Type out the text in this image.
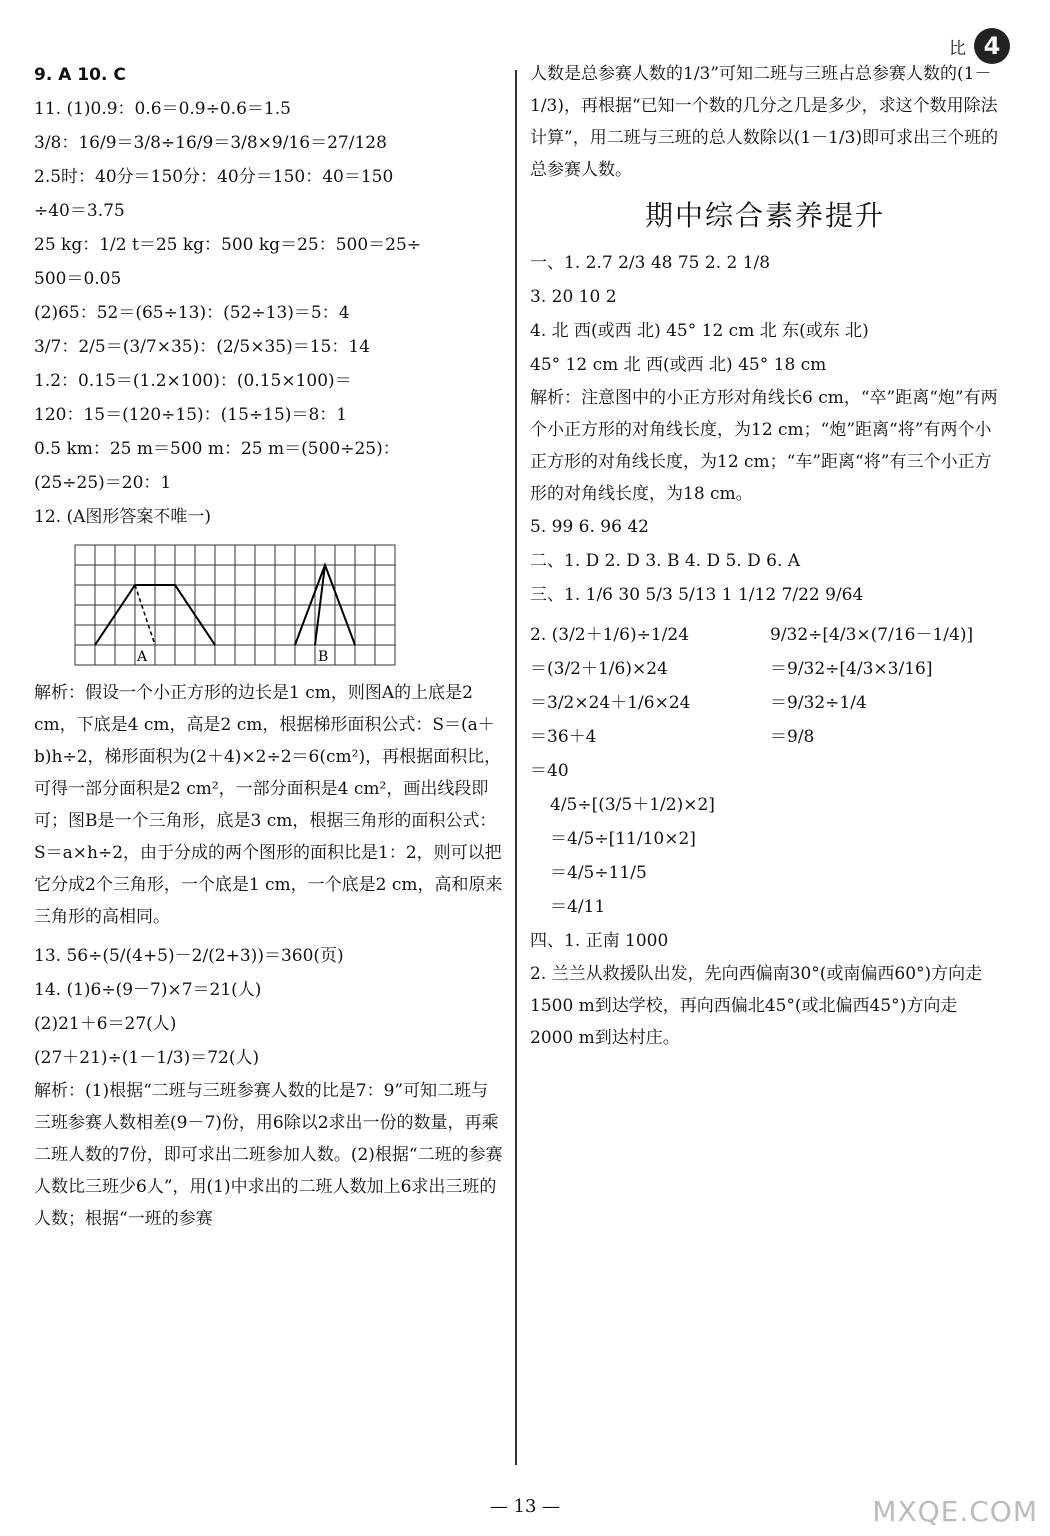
比 4
9. A 10. C
11. (1)0.9：0.6＝0.9÷0.6＝1.5
3/8：16/9＝3/8÷16/9＝3/8×9/16＝27/128
2.5时：40分＝150分：40分＝150：40＝150
÷40＝3.75
25 kg：1/2 t＝25 kg：500 kg＝25：500＝25÷
500＝0.05
(2)65：52＝(65÷13)：(52÷13)＝5：4
3/7：2/5＝(3/7×35)：(2/5×35)＝15：14
1.2：0.15＝(1.2×100)：(0.15×100)＝
120：15＝(120÷15)：(15÷15)＝8：1
0.5 km：25 m＝500 m：25 m＝(500÷25)：
(25÷25)＝20：1
12. (A图形答案不唯一)
A	B
解析：假设一个小正方形的边长是1 cm，则图A的上底是2 cm，下底是4 cm，高是2 cm，根据梯形面积公式：S＝(a＋b)h÷2，梯形面积为(2＋4)×2÷2＝6(cm²)，再根据面积比，可得一部分面积是2 cm²，一部分面积是4 cm²，画出线段即可；图B是一个三角形，底是3 cm，根据三角形的面积公式：S＝a×h÷2，由于分成的两个图形的面积比是1：2，则可以把它分成2个三角形，一个底是1 cm，一个底是2 cm，高和原来三角形的高相同。
13. 56÷(5/(4+5)－2/(2+3))＝360(页)
14. (1)6÷(9－7)×7＝21(人)
(2)21＋6＝27(人)
(27＋21)÷(1－1/3)＝72(人)
解析：(1)根据“二班与三班参赛人数的比是7：9”可知二班与三班参赛人数相差(9－7)份，用6除以2求出一份的数量，再乘二班人数的7份，即可求出二班参加人数。(2)根据“二班的参赛人数比三班少6人”，用(1)中求出的二班人数加上6求出三班的人数；根据“一班的参赛
人数是总参赛人数的1/3”可知二班与三班占总参赛人数的(1－1/3)，再根据“已知一个数的几分之几是多少，求这个数用除法计算”，用二班与三班的总人数除以(1－1/3)即可求出三个班的总参赛人数。
期中综合素养提升
一、1. 2.7 2/3 48 75 2. 2 1/8
3. 20 10 2
4. 北 西(或西 北) 45° 12 cm 北 东(或东 北)
45° 12 cm 北 西(或西 北) 45° 18 cm
解析：注意图中的小正方形对角线长6 cm，“卒”距离“炮”有两个小正方形的对角线长度，为12 cm；“炮”距离“将”有两个小正方形的对角线长度，为12 cm；“车”距离“将”有三个小正方形的对角线长度，为18 cm。
5. 99 6. 96 42
二、1. D 2. D 3. B 4. D 5. D 6. A
三、1. 1/6 30 5/3 5/13 1 1/12 7/22 9/64
2. (3/2＋1/6)÷1/24
＝(3/2＋1/6)×24
＝3/2×24＋1/6×24
＝36＋4
＝40
9/32÷[4/3×(7/16－1/4)]
＝9/32÷[4/3×3/16]
＝9/32÷1/4
＝9/8
4/5÷[(3/5＋1/2)×2]
＝4/5÷[11/10×2]
＝4/5÷11/5
＝4/11
四、1. 正南 1000
2. 兰兰从救援队出发，先向西偏南30°(或南偏西60°)方向走1500 m到达学校，再向西偏北45°(或北偏西45°)方向走2000 m到达村庄。
— 13 —	MXQE.COM
